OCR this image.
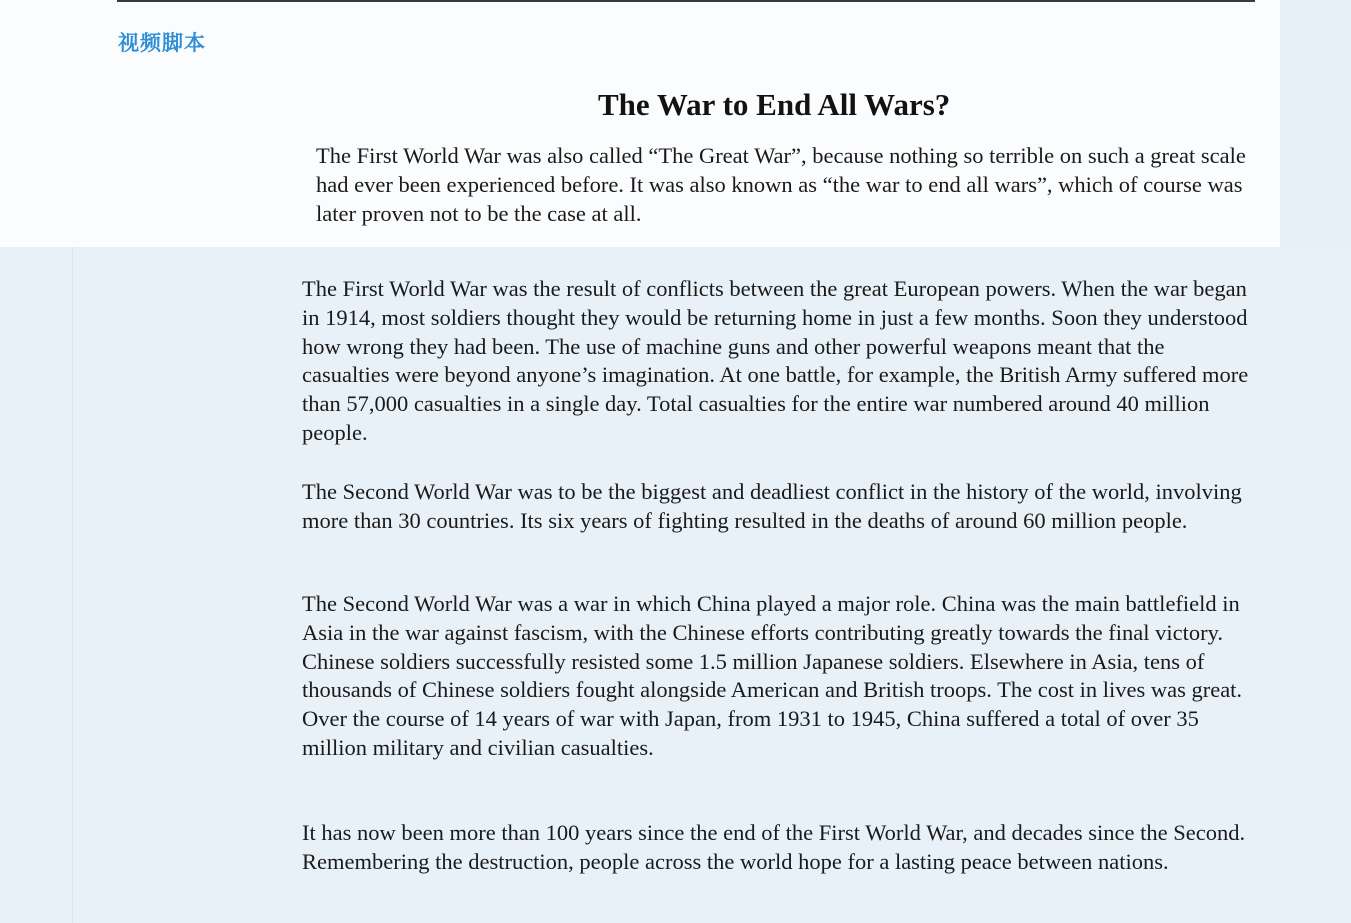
视频脚本
The War to End All Wars?

The First World War was also called “The Great War”, because nothing so terrible on such a great scale had ever been experienced before. It was also known as “the war to end all wars”, which of course was later proven not to be the case at all.

The First World War was the result of conflicts between the great European powers. When the war began in 1914, most soldiers thought they would be returning home in just a few months. Soon they understood how wrong they had been. The use of machine guns and other powerful weapons meant that the casualties were beyond anyone’s imagination. At one battle, for example, the British Army suffered more than 57,000 casualties in a single day. Total casualties for the entire war numbered around 40 million people.

The Second World War was to be the biggest and deadliest conflict in the history of the world, involving more than 30 countries. Its six years of fighting resulted in the deaths of around 60 million people.

The Second World War was a war in which China played a major role. China was the main battlefield in Asia in the war against fascism, with the Chinese efforts contributing greatly towards the final victory. Chinese soldiers successfully resisted some 1.5 million Japanese soldiers. Elsewhere in Asia, tens of thousands of Chinese soldiers fought alongside American and British troops. The cost in lives was great. Over the course of 14 years of war with Japan, from 1931 to 1945, China suffered a total of over 35 million military and civilian casualties.

It has now been more than 100 years since the end of the First World War, and decades since the Second. Remembering the destruction, people across the world hope for a lasting peace between nations.
